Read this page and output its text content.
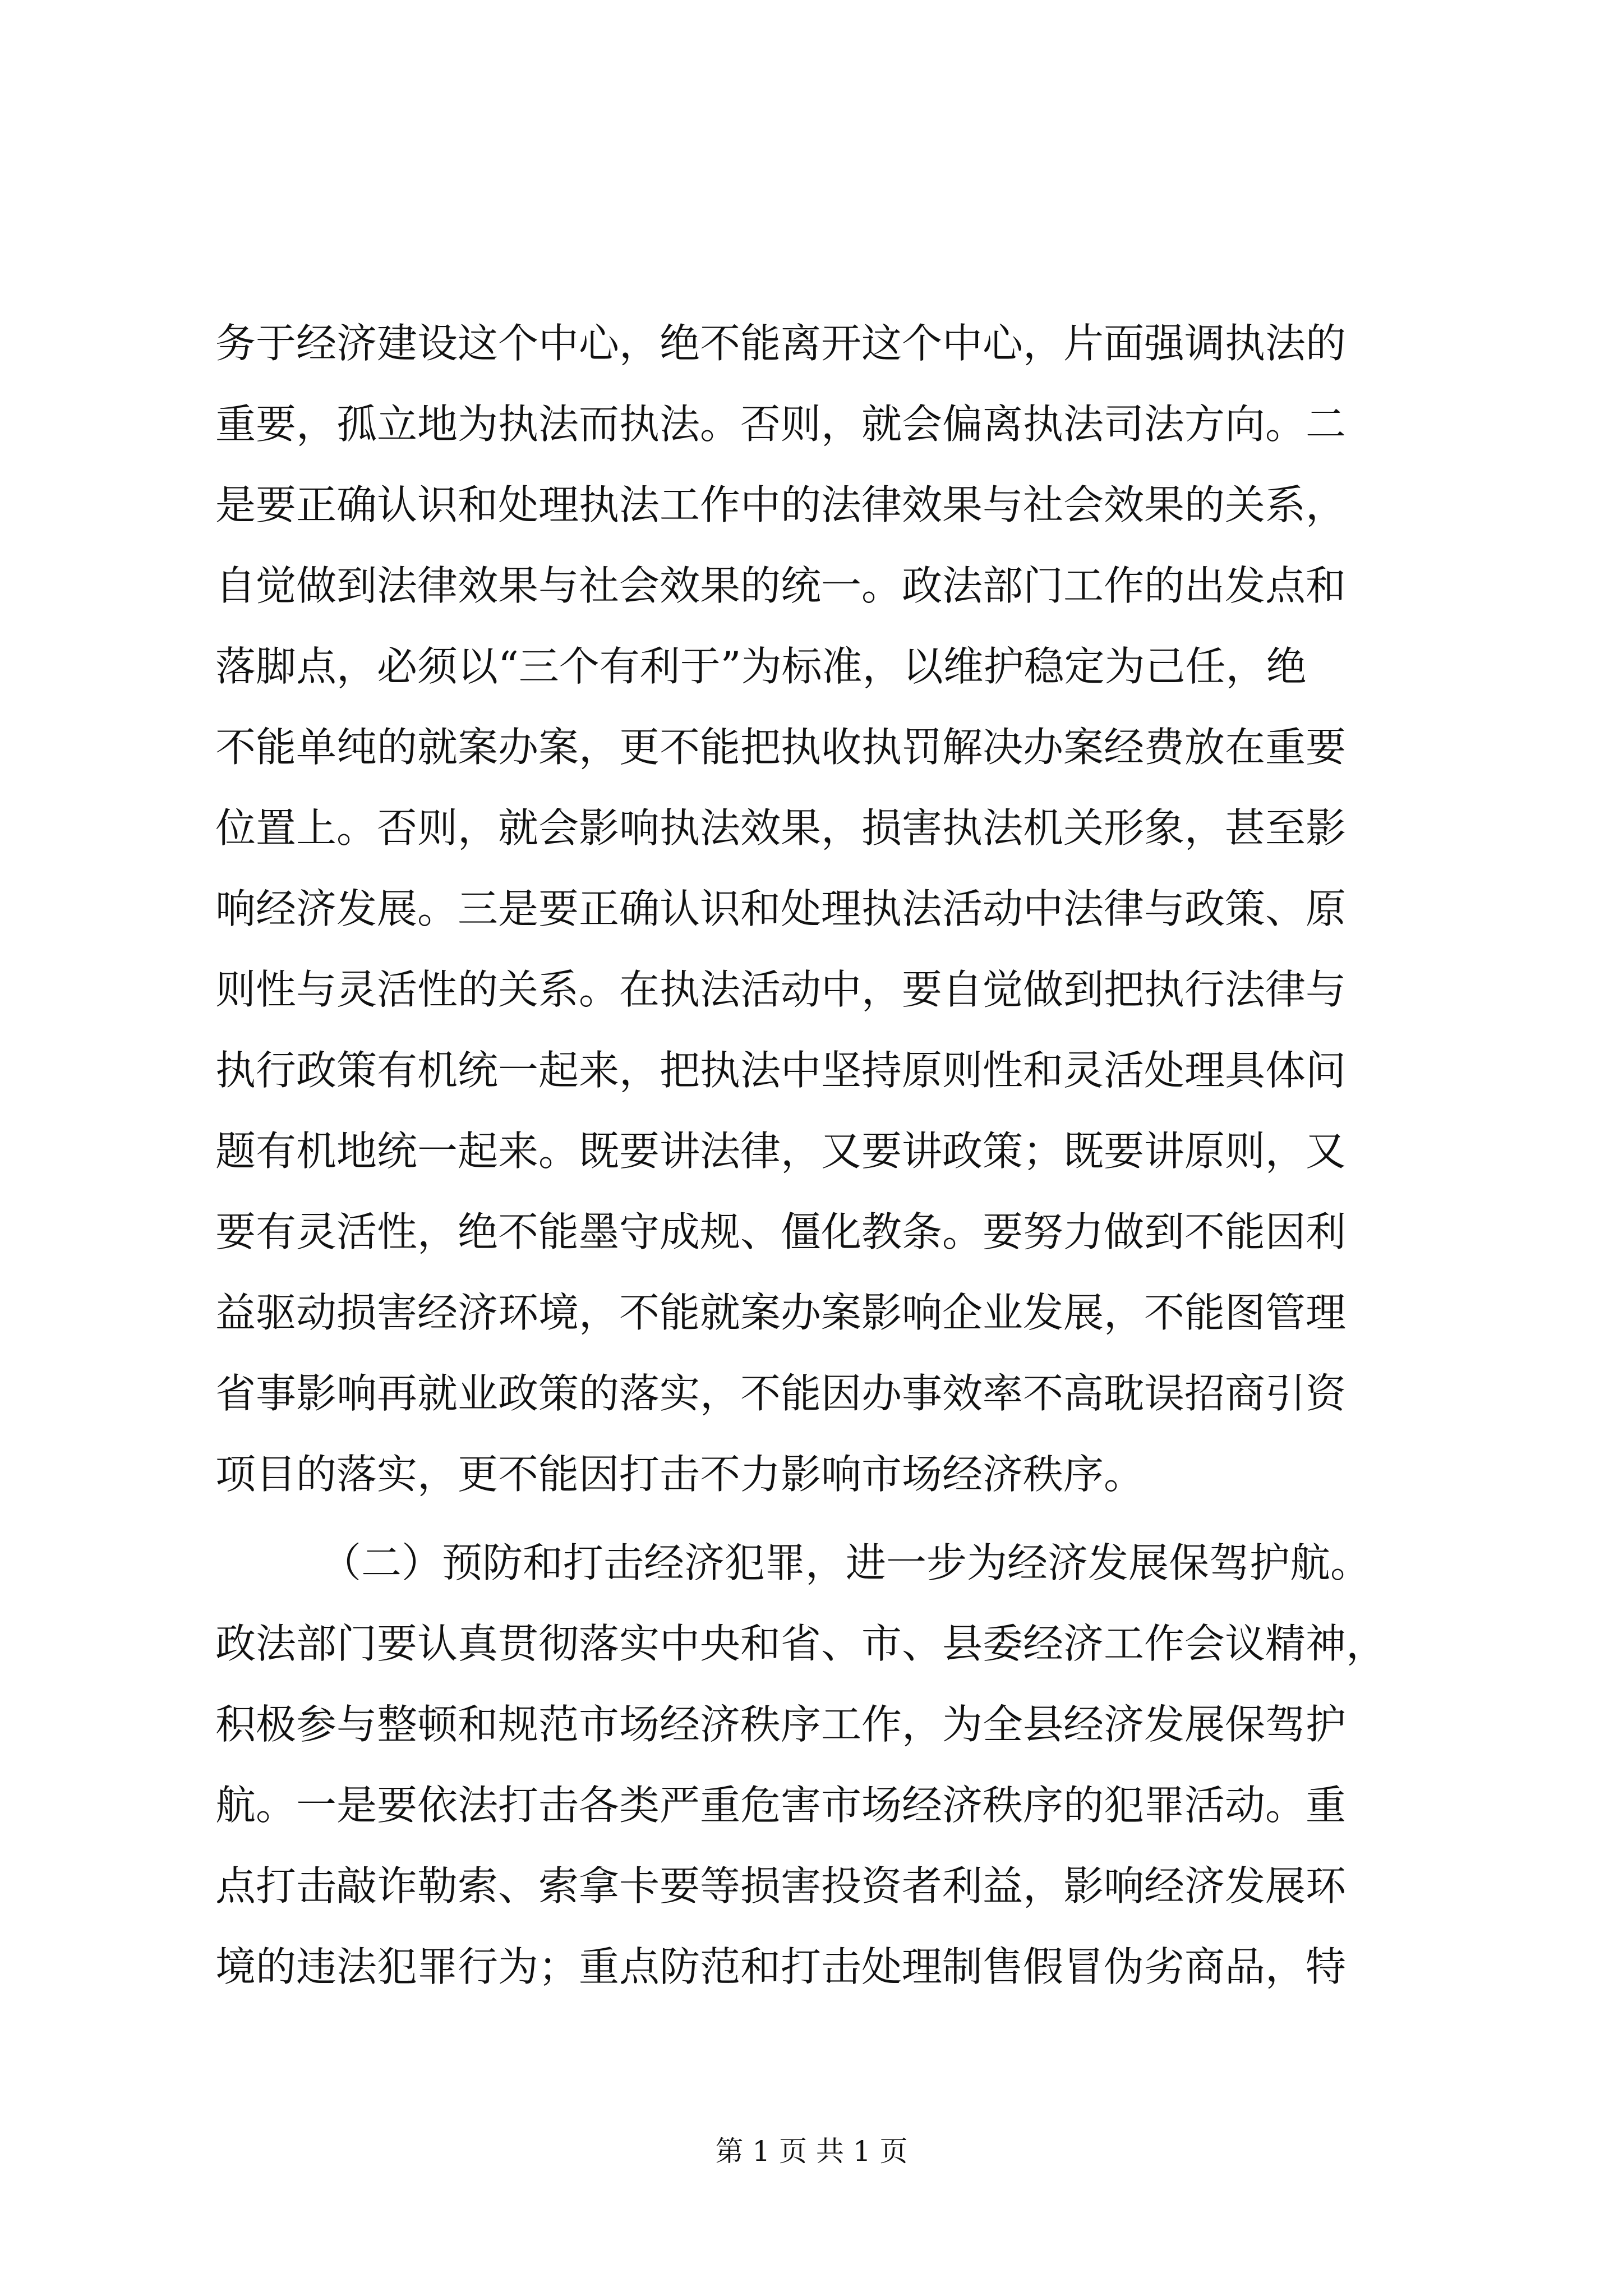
务于经济建设这个中心，绝不能离开这个中心，片面强调执法的
重要，孤立地为执法而执法。否则，就会偏离执法司法方向。二
是要正确认识和处理执法工作中的法律效果与社会效果的关系，
自觉做到法律效果与社会效果的统一。政法部门工作的出发点和
落脚点，必须以“三个有利于”为标准，以维护稳定为己任，绝
不能单纯的就案办案，更不能把执收执罚解决办案经费放在重要
位置上。否则，就会影响执法效果，损害执法机关形象，甚至影
响经济发展。三是要正确认识和处理执法活动中法律与政策、原
则性与灵活性的关系。在执法活动中，要自觉做到把执行法律与
执行政策有机统一起来，把执法中坚持原则性和灵活处理具体问
题有机地统一起来。既要讲法律，又要讲政策；既要讲原则，又
要有灵活性，绝不能墨守成规、僵化教条。要努力做到不能因利
益驱动损害经济环境，不能就案办案影响企业发展，不能图管理
省事影响再就业政策的落实，不能因办事效率不高耽误招商引资
项目的落实，更不能因打击不力影响市场经济秩序。
（二）预防和打击经济犯罪，进一步为经济发展保驾护航。
政法部门要认真贯彻落实中央和省、市、县委经济工作会议精神，
积极参与整顿和规范市场经济秩序工作，为全县经济发展保驾护
航。一是要依法打击各类严重危害市场经济秩序的犯罪活动。重
点打击敲诈勒索、索拿卡要等损害投资者利益，影响经济发展环
境的违法犯罪行为；重点防范和打击处理制售假冒伪劣商品，特
第 1 页 共 1 页
